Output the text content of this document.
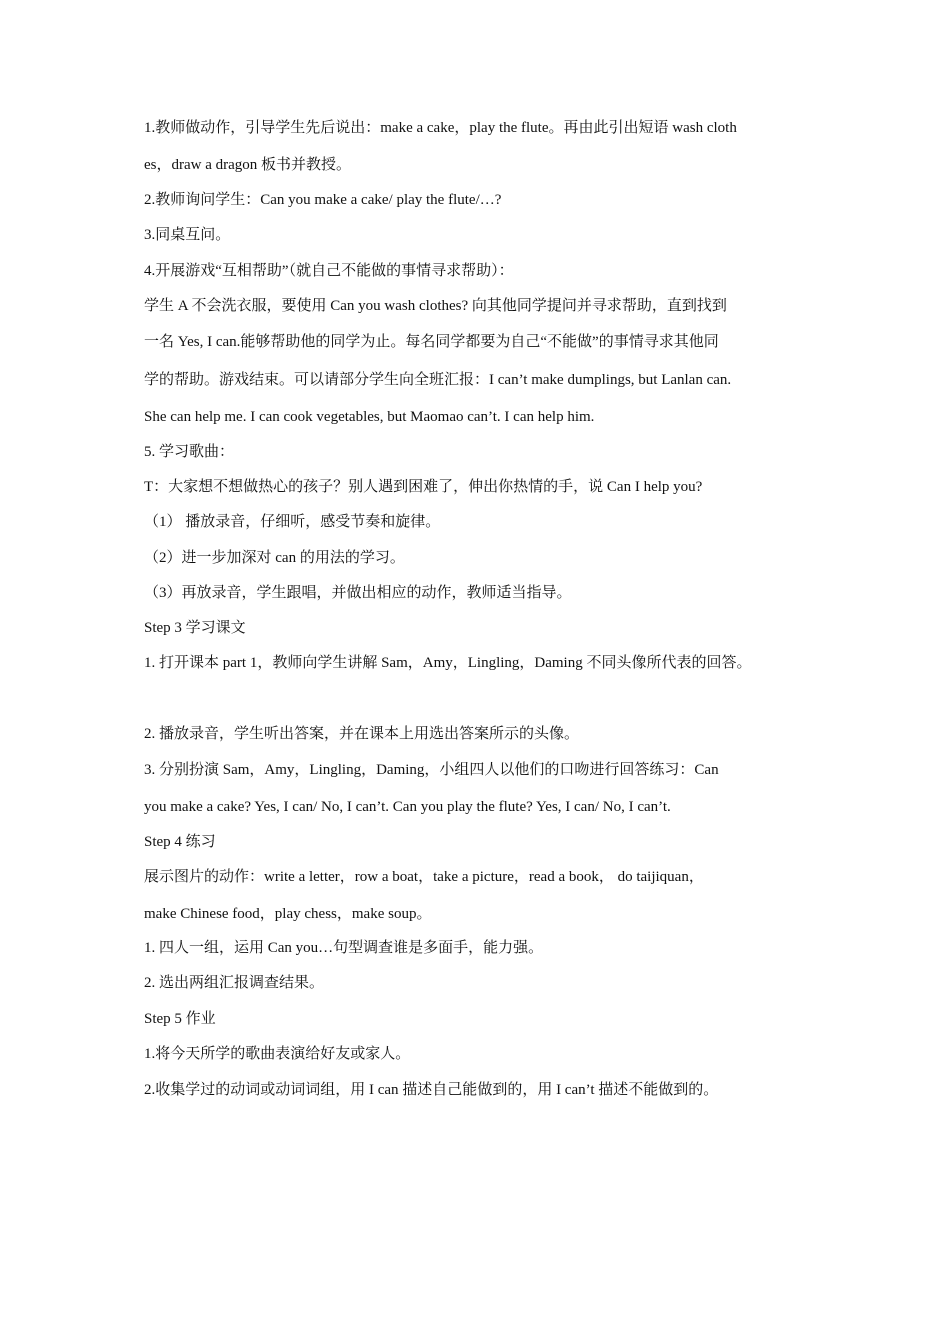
1.教师做动作，引导学生先后说出：make a cake，play the flute。再由此引出短语 wash cloth
es，draw a dragon 板书并教授。
2.教师询问学生：Can you make a cake/ play the flute/…?
3.同桌互问。
4.开展游戏“互相帮助”（就自己不能做的事情寻求帮助）：
学生 A 不会洗衣服，要使用 Can you wash clothes? 向其他同学提问并寻求帮助，直到找到
一名 Yes, I can.能够帮助他的同学为止。每名同学都要为自己“不能做”的事情寻求其他同
学的帮助。游戏结束。可以请部分学生向全班汇报：I can’t make dumplings, but Lanlan can.
She can help me. I can cook vegetables, but Maomao can’t. I can help him.
5. 学习歌曲：
T：大家想不想做热心的孩子？别人遇到困难了，伸出你热情的手，说 Can I help you?
（1） 播放录音，仔细听，感受节奏和旋律。
（2）进一步加深对 can 的用法的学习。
（3）再放录音，学生跟唱，并做出相应的动作，教师适当指导。
Step 3 学习课文
1. 打开课本 part 1，教师向学生讲解 Sam，Amy，Lingling，Daming 不同头像所代表的回答。
2. 播放录音，学生听出答案，并在课本上用选出答案所示的头像。
3. 分别扮演 Sam，Amy，Lingling，Daming，小组四人以他们的口吻进行回答练习：Can
you make a cake? Yes, I can/ No, I can’t. Can you play the flute? Yes, I can/ No, I can’t.
Step 4 练习
展示图片的动作：write a letter，row a boat，take a picture，read a book， do taijiquan，
make Chinese food，play chess，make soup。
1. 四人一组，运用 Can you…句型调查谁是多面手，能力强。
2. 选出两组汇报调查结果。
Step 5 作业
1.将今天所学的歌曲表演给好友或家人。
2.收集学过的动词或动词词组，用 I can 描述自己能做到的，用 I can’t 描述不能做到的。
